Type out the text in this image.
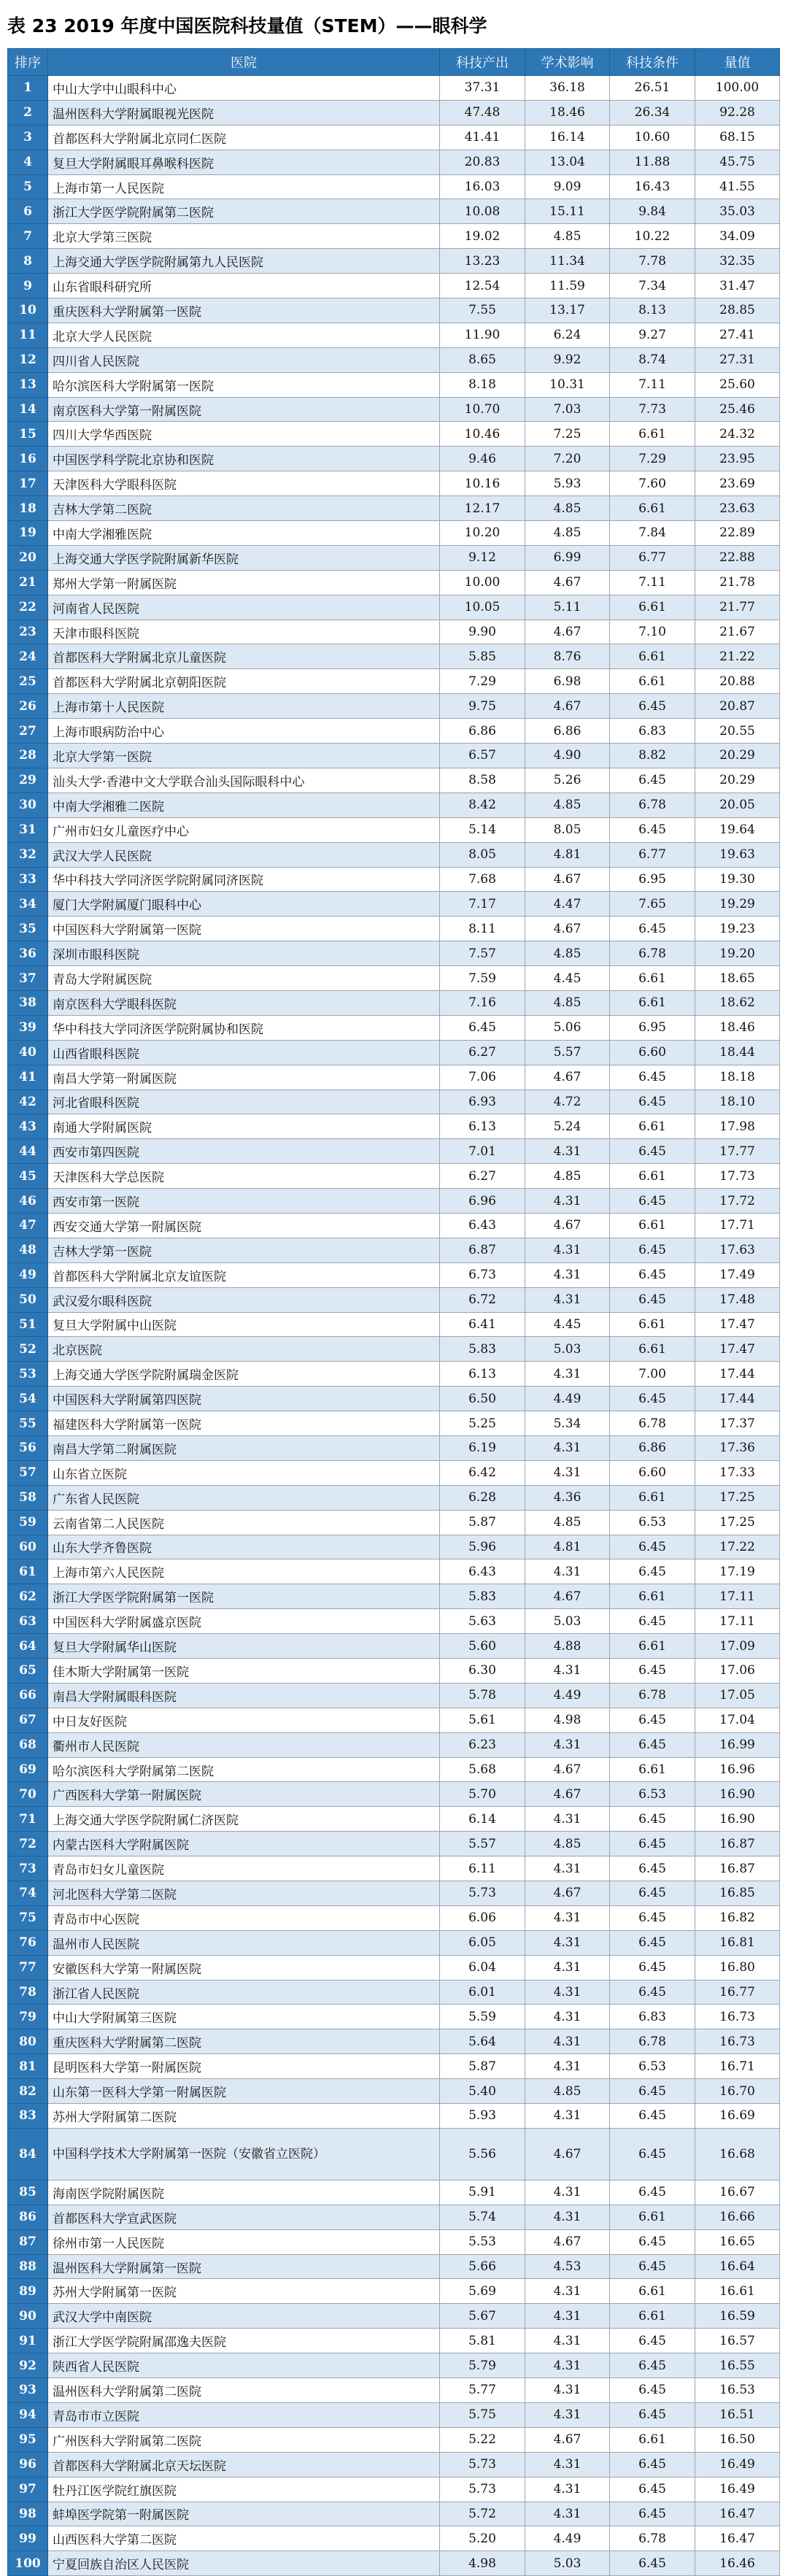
表 23 2019 年度中国医院科技量值（STEM）——眼科学
排序	医院	科技产出	学术影响	科技条件	量值
1	中山大学中山眼科中心	37.31	36.18	26.51	100.00
2	温州医科大学附属眼视光医院	47.48	18.46	26.34	92.28
3	首都医科大学附属北京同仁医院	41.41	16.14	10.60	68.15
4	复旦大学附属眼耳鼻喉科医院	20.83	13.04	11.88	45.75
5	上海市第一人民医院	16.03	9.09	16.43	41.55
6	浙江大学医学院附属第二医院	10.08	15.11	9.84	35.03
7	北京大学第三医院	19.02	4.85	10.22	34.09
8	上海交通大学医学院附属第九人民医院	13.23	11.34	7.78	32.35
9	山东省眼科研究所	12.54	11.59	7.34	31.47
10	重庆医科大学附属第一医院	7.55	13.17	8.13	28.85
11	北京大学人民医院	11.90	6.24	9.27	27.41
12	四川省人民医院	8.65	9.92	8.74	27.31
13	哈尔滨医科大学附属第一医院	8.18	10.31	7.11	25.60
14	南京医科大学第一附属医院	10.70	7.03	7.73	25.46
15	四川大学华西医院	10.46	7.25	6.61	24.32
16	中国医学科学院北京协和医院	9.46	7.20	7.29	23.95
17	天津医科大学眼科医院	10.16	5.93	7.60	23.69
18	吉林大学第二医院	12.17	4.85	6.61	23.63
19	中南大学湘雅医院	10.20	4.85	7.84	22.89
20	上海交通大学医学院附属新华医院	9.12	6.99	6.77	22.88
21	郑州大学第一附属医院	10.00	4.67	7.11	21.78
22	河南省人民医院	10.05	5.11	6.61	21.77
23	天津市眼科医院	9.90	4.67	7.10	21.67
24	首都医科大学附属北京儿童医院	5.85	8.76	6.61	21.22
25	首都医科大学附属北京朝阳医院	7.29	6.98	6.61	20.88
26	上海市第十人民医院	9.75	4.67	6.45	20.87
27	上海市眼病防治中心	6.86	6.86	6.83	20.55
28	北京大学第一医院	6.57	4.90	8.82	20.29
29	汕头大学·香港中文大学联合汕头国际眼科中心	8.58	5.26	6.45	20.29
30	中南大学湘雅二医院	8.42	4.85	6.78	20.05
31	广州市妇女儿童医疗中心	5.14	8.05	6.45	19.64
32	武汉大学人民医院	8.05	4.81	6.77	19.63
33	华中科技大学同济医学院附属同济医院	7.68	4.67	6.95	19.30
34	厦门大学附属厦门眼科中心	7.17	4.47	7.65	19.29
35	中国医科大学附属第一医院	8.11	4.67	6.45	19.23
36	深圳市眼科医院	7.57	4.85	6.78	19.20
37	青岛大学附属医院	7.59	4.45	6.61	18.65
38	南京医科大学眼科医院	7.16	4.85	6.61	18.62
39	华中科技大学同济医学院附属协和医院	6.45	5.06	6.95	18.46
40	山西省眼科医院	6.27	5.57	6.60	18.44
41	南昌大学第一附属医院	7.06	4.67	6.45	18.18
42	河北省眼科医院	6.93	4.72	6.45	18.10
43	南通大学附属医院	6.13	5.24	6.61	17.98
44	西安市第四医院	7.01	4.31	6.45	17.77
45	天津医科大学总医院	6.27	4.85	6.61	17.73
46	西安市第一医院	6.96	4.31	6.45	17.72
47	西安交通大学第一附属医院	6.43	4.67	6.61	17.71
48	吉林大学第一医院	6.87	4.31	6.45	17.63
49	首都医科大学附属北京友谊医院	6.73	4.31	6.45	17.49
50	武汉爱尔眼科医院	6.72	4.31	6.45	17.48
51	复旦大学附属中山医院	6.41	4.45	6.61	17.47
52	北京医院	5.83	5.03	6.61	17.47
53	上海交通大学医学院附属瑞金医院	6.13	4.31	7.00	17.44
54	中国医科大学附属第四医院	6.50	4.49	6.45	17.44
55	福建医科大学附属第一医院	5.25	5.34	6.78	17.37
56	南昌大学第二附属医院	6.19	4.31	6.86	17.36
57	山东省立医院	6.42	4.31	6.60	17.33
58	广东省人民医院	6.28	4.36	6.61	17.25
59	云南省第二人民医院	5.87	4.85	6.53	17.25
60	山东大学齐鲁医院	5.96	4.81	6.45	17.22
61	上海市第六人民医院	6.43	4.31	6.45	17.19
62	浙江大学医学院附属第一医院	5.83	4.67	6.61	17.11
63	中国医科大学附属盛京医院	5.63	5.03	6.45	17.11
64	复旦大学附属华山医院	5.60	4.88	6.61	17.09
65	佳木斯大学附属第一医院	6.30	4.31	6.45	17.06
66	南昌大学附属眼科医院	5.78	4.49	6.78	17.05
67	中日友好医院	5.61	4.98	6.45	17.04
68	衢州市人民医院	6.23	4.31	6.45	16.99
69	哈尔滨医科大学附属第二医院	5.68	4.67	6.61	16.96
70	广西医科大学第一附属医院	5.70	4.67	6.53	16.90
71	上海交通大学医学院附属仁济医院	6.14	4.31	6.45	16.90
72	内蒙古医科大学附属医院	5.57	4.85	6.45	16.87
73	青岛市妇女儿童医院	6.11	4.31	6.45	16.87
74	河北医科大学第二医院	5.73	4.67	6.45	16.85
75	青岛市中心医院	6.06	4.31	6.45	16.82
76	温州市人民医院	6.05	4.31	6.45	16.81
77	安徽医科大学第一附属医院	6.04	4.31	6.45	16.80
78	浙江省人民医院	6.01	4.31	6.45	16.77
79	中山大学附属第三医院	5.59	4.31	6.83	16.73
80	重庆医科大学附属第二医院	5.64	4.31	6.78	16.73
81	昆明医科大学第一附属医院	5.87	4.31	6.53	16.71
82	山东第一医科大学第一附属医院	5.40	4.85	6.45	16.70
83	苏州大学附属第二医院	5.93	4.31	6.45	16.69
84	中国科学技术大学附属第一医院（安徽省立医院）	5.56	4.67	6.45	16.68
85	海南医学院附属医院	5.91	4.31	6.45	16.67
86	首都医科大学宣武医院	5.74	4.31	6.61	16.66
87	徐州市第一人民医院	5.53	4.67	6.45	16.65
88	温州医科大学附属第一医院	5.66	4.53	6.45	16.64
89	苏州大学附属第一医院	5.69	4.31	6.61	16.61
90	武汉大学中南医院	5.67	4.31	6.61	16.59
91	浙江大学医学院附属邵逸夫医院	5.81	4.31	6.45	16.57
92	陕西省人民医院	5.79	4.31	6.45	16.55
93	温州医科大学附属第二医院	5.77	4.31	6.45	16.53
94	青岛市市立医院	5.75	4.31	6.45	16.51
95	广州医科大学附属第二医院	5.22	4.67	6.61	16.50
96	首都医科大学附属北京天坛医院	5.73	4.31	6.45	16.49
97	牡丹江医学院红旗医院	5.73	4.31	6.45	16.49
98	蚌埠医学院第一附属医院	5.72	4.31	6.45	16.47
99	山西医科大学第二医院	5.20	4.49	6.78	16.47
100	宁夏回族自治区人民医院	4.98	5.03	6.45	16.46
